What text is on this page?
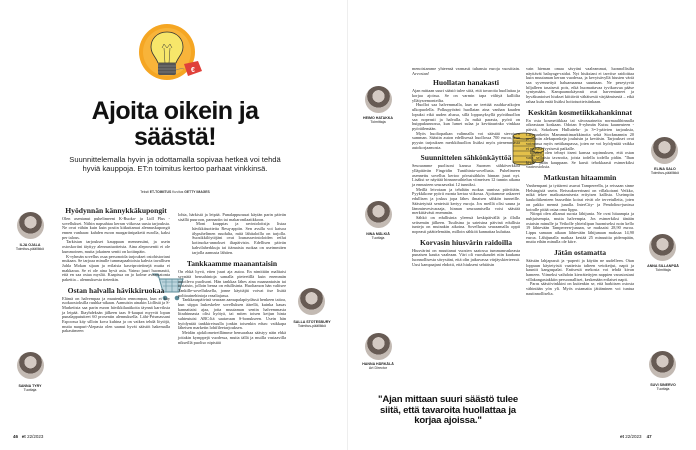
€
Ajoita oikein ja säästä!

Suunnittelemalla hyvin ja odottamalla sopivaa hetkeä voi tehdä hyviä kauppoja. ET:n toimitus kertoo parhaat vinkkinsä.

Teksti ET-TOIMITUS Kuvitus GETTY IMAGES

ILJA OJALA
Toimitus-päällikkö
SANNA TYRY
Tuottaja
SALLA STOTESBURY
Toimitus-päällikkö
Hyödynnän kännykkäkupongit

Olen asentanut puhelimeeni K-Ruoka- ja Lidl Plus -sovellukset. Niihin napsahtaa kerran viikossa uusia tarjouksia. Ne ovat vähän kuin kuin postin kitkuttamat alennuskupongit ennen vanhaan: kahden euron margariinipaketti eurolla, kaksi per talous.

Tarkistan tarjoukset kauppaan mennessäni, ja usein ostoskoriini täyttyy alennustuotteista. Aina aleprosentti ei ole kummoinen, mutta jokainen sentti on kotiinpäin.

K-ryhmän sovellus osaa personoida tarjoukset ostohistoriani mukaan. Se tarjoaa minulle tummapaahtoista kahvia tavallisen Juhla Mokan sijaan ja erilaisia kasviproteiinejä mutta ei makkaraa. Se ei ole aina hyvä asia. Vaimo juuri huomautti, että en saa ostaa mysliä. Kaapissa on jo kolme avaamatonta pakettia – alennuksesta tietenkin.

Ostan halvalla hävikkiruokaa

Elämä on halvempaa ja muutenkin rennompaa, kun ei käy ruokaostoksilla ruuhka-aikaan. Aamuisin ainakin Lidlistä ja S-Marketista saa parin euron hävikkilaatikoita täynnä karviksia ja leipää. Iltayhdeksän jälkeen taas S-kaupat myyvät lopun punalappututteet 60 prosentin alennuksella. Lähi-Prismassani Espoossa käy silloin kova kuhina ja on vaikea tehdä löytöjä, mutta naapuri-Alepasta olen saanut hyvät säästöt hakemalla pakastimeen

lohta, härkistä ja leipää. Punalappuruuat käytän parin päivän sisällä puuroon, pannariin tai makaronilaatikkoon.

Moni kauppias ja ravintoloitsija listaa hävikkituotteita Resq-appiin. Sen avulla voi katsoa älypuhelimen ruudulta, mitä lähitaloilla on tarjolla. Suosikkilöytöjäni ovat lounasravintoloiden reilut kotiruoka-annokset iltapäivisin. Edellisen päivän kahvilaherkkuja tai itämaista ruokaa on useimmiten tarjolla aamusta lähtien.

Tankkaamme maanantaisin

On ehkä hyvä, etten juuri aja autoa. En nimittäin malttaisi syynätä bensahintoja samalla pieteetillä kuin enemmän autoileva puolisoni. Hän tankkaa lähes aina maanantaisin tai tiistaisin, jolloin bensa on edullisinta. Huoltamon hän valitsee Tankille-sovelluksella, jonne käyttäjät voivat itse lisätä polttoainehintoja reaaliajassa.

Tankkauspäivinä seuraan aamupalapöydässä henkeen taitoa, kun siippa laskeskelee sovelluksen äärellä, kuinka kauas kannattaisi ajaa, jotta muutaman sentin halvemmasta litrahinnasta olisi hyötyä, tai miten toisen ketjun hinta suhteutuisi ABC:ltä saatavaan S-bonukseen. Usein hän hyödyntää tankkireissulla jonkin toisenkin edun: vaikkapa läheisen marketin lohifileetarjouksen.

Meidän ajokilometreillämme bensarahaa säästyy näin ehkä joitakin kymppejä vuodessa, mutta tällä ja muilla vastaavilla nikseillä puoliso nipistää

46 et 22/2023
HEIMO HATAKKA
Toimittaja
NINA MÄLKIÄ
Tuottaja
HANNA HÄRKÄLÄ
Art Director
ELINA SALO
Toimitus-päällikkö
ANNA SILLANPÄÄ
Toimittaja
SUVI SINERVO
Tuottaja

menoistamme yhteensä varmasti tuhansia euroja vuosittain. Arvostan!

Huollatan hanakasti

Ajan mittaan suuri säästö tulee siitä, että tavaroita huollattaa ja korjaa ajoissa. Se on varmin tapa välttyä kalliilta yllätysremonteilta.

Huollot saa halvemmalla, kun ne teettää ruuhka-aikojen ulkopuolella. Polkupyöräni huollatan aina vanhan kauden lopuksi eikä uuden alussa, sillä loppusyksyllä pyörähuollon saa nopeasti ja halvalla. Ja mikä parasta, pyörä on huippukunnossa, kun lumet sulaa ja kevätaurinko vinkkaa pyöräilemään.

Myös huoltopaikan valinnalla voi säästää sievoisen summan. Säästin auton edellisessä huollossa 700 euroa, kun pyysin tarjouksen merkkihuollon lisäksi myös pienemmästä autokorjaamosta.

Suunnittelen sähkönkäyttöä

Seuraamme puolisoni kanssa Suomen sähköverkkoa ylläpitävän Fingridin Tuntihinta-sovellusta. Puhelimeen asennettu sovellus kertoo pörssisähkön hinnan juuri nyt. Lisäksi se näyttää hinnanvaihtelun viimeisen 12 tunnin aikana ja ennusteen seuraavaksi 12 tunniksi.

Meillä leivotaan ja tehdään ruokaa uunissa päivittäin. Pyykkikone pyörii monta kertaa viikossa. Ajoitamme askareet edullisen ja joskus jopa lähes ilmaisen sähkön tunneille. Säästetyistä senteistä kertyy euroja. Jos meillä olisi sauna ja lämminvesivaraaja, hinnan seuraamisella voisi säästää merkittävästi enemmän.

Sähkö on edullisinta yleensä keskipäivällä ja illalla seitsemän jälkeen. Tuulisina ja sateisina päivinä edullisia tunteja on muinakin aikoina. Sovellusta seuraamalla oppii nopeasti päättelemään, milloin sähköä kannattaa kuluttaa.

Korvasin hiusvärin raidoilla

Hiusvärini on muuttanut vuosien saatossa tummanruskeasta punaisen kautta vaaleaan. Väri oli vuosikaudet niin kaukana luonnollisesta sävystäni, että olin jatkuvassa värjäyskierteessä. Uusi kampaajani ehdotti, että hiukseni sehtäisin

vain hieman omaa sävyäni vaaleammat, luonnollisilta näyttävät balayage-raidat. Nyt hiuksiani ei tarvitse raidoittaa kuin muutaman kerran vuodessa, ja kevytsävyllä hiusten väriä saa syvennettyä haluamaansa suuntaan. Ne peseytyvät hiljalleen tasaisesti pois, eikä huomattavaa tyvikasvua pääse syntymään. Kampaamokäynnit ovat harventuneet ja hyväkuntoiset hiukset kiittävät vähäisestä värjäämisestä – eikä rahaa kulu enää lisäksi hoitotuotteisiinkaan.

Keskitän kosmetiikkahankinnat

En osta kosmetiikkaa tai siivousaineita normaalihinnalla oikeastaan koskaan. Odotan S-ryhmän Kutsu kauneuteen -päiviä, Sokoksen Hulluttelu- ja 3=1-päivien tarjouksia, Citymarketin Mammuttimarkkinoita sekä Stockmannin 20 prosentin alekuponkeja jouluisin ja keväisin. Tarjoukset ovat voimassa myös nettikaupassa, joten ne voi hyödyntää vaikka ei pääsisi fyysisesti paikalle.

Lisäksi olen tehnyt itseni kanssa sopimuksen, että ostan vain sellaisia tavaroita, joista todella todella pidän. "Ihan kivat" jätän kauppaan. Se karsii tehokkaasti esimerkiksi vaateostoksia.

Matkustan hitaammin

Vanhempani ja tyttäreni asuvat Tampereella, ja reissaan sinne Helsingistä usein. Reissukaverinani on villakoirani Veikko, mikä tekee matkustamisesta erityisen kallista. Useimpiin kaukoliikenteen busseihin koirat eivät ole tervetulleita, joten on pakko mennä junalla. InterCity- ja Pendolino-junissa koiralle pitää ostaa oma lippu.

Niinpä olen alkanut suosia lähijunia. Ne ovat hitaampia ja nuhjuisempia, mutta halvempia. Jos esimerkiksi tänään ostaisin minulle ja Veikolle yhteislipun huomiseksi noin kello 19 lähtevään Tampereen-junaan, se maksaisi 28,90 euroa. Lippu samaan aikaan lähtevään lähijunaan maksaa 14,90 euroa. Lähijunalla matkaa kestää 25 minuuttia pidempään, mutta eihän minulla ole kiire.

Jätän ostamatta

Säästän lahjapussit ja -paperit ja käytän ne uudelleen. Otan loppuun käytetyistä vaatteista talteen vetoketjut, napit ja kauniit kangaspalat. Entisestä mekosta voi tehdä kivan hameen. Viimeksi vaihdoin kierrätettyjen nappien varastostani villakangastakkiin persoonalliset, keskenään erilaiset napit.

Paras säästövinkkini on kuitenkin se, että harkitsen ostosta vähintään yön yli. Myös ostamatta jättäminen voi tuntua nautinnolliselta.

et 22/2023 47

"Ajan mittaan suuri säästö tulee siitä, että tavaroita huollattaa ja korjaa ajoissa."
